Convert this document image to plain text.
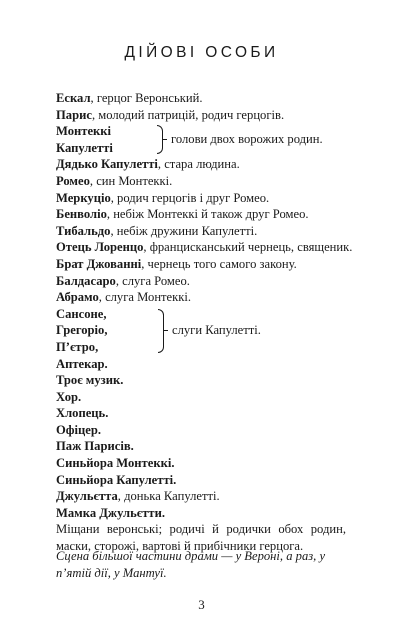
ДІЙОВІ ОСОБИ
Ескал, герцог Веронський.
Парис, молодий патрицій, родич герцогів.
Монтеккі
Капулетті
голови двох ворожих родин.
Дядько Капулетті, стара людина.
Ромео, син Монтеккі.
Меркуціо, родич герцогів і друг Ромео.
Бенволіо, небіж Монтеккі й також друг Ромео.
Тибальдо, небіж дружини Капулетті.
Отець Лоренцо, францисканський чернець, священик.
Брат Джованні, чернець того самого закону.
Балдасаро, слуга Ромео.
Абрамо, слуга Монтеккі.
Сансоне,
Грегоріо,
П’єтро,
слуги Капулетті.
Аптекар.
Троє музик.
Хор.
Хлопець.
Офіцер.
Паж Парисів.
Синьйора Монтеккі.
Синьйора Капулетті.
Джульєтта, донька Капулетті.
Мамка Джульєтти.

Міщани веронські; родичі й родички обох родин, маски, сторожі, вартові й прибічники герцога.

Сцена більшої частини драми — у Вероні, а раз, у п’ятій дії, у Мантуї.
3
